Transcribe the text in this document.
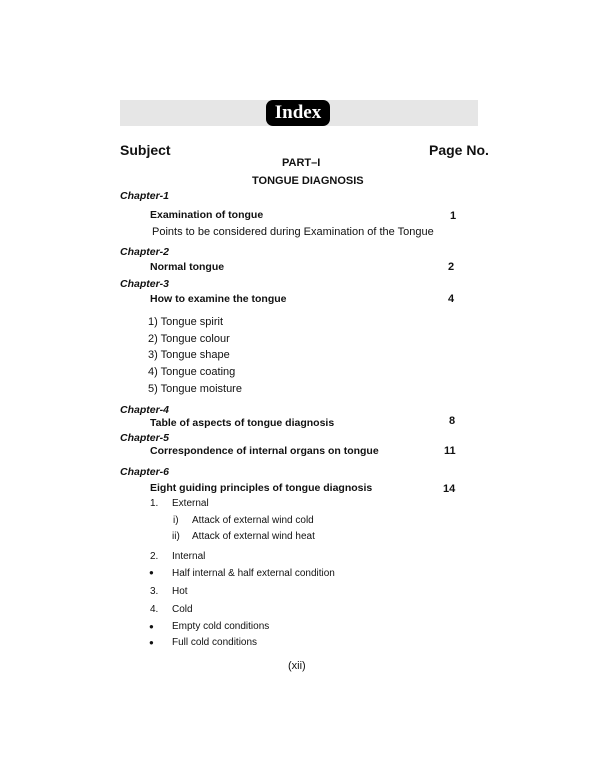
Index
Subject	Page No.
PART–I
TONGUE DIAGNOSIS
Chapter-1
Examination of tongue	1
Points to be considered during Examination of the Tongue
Chapter-2
Normal tongue	2
Chapter-3
How to examine the tongue	4
1) Tongue spirit
2) Tongue colour
3) Tongue shape
4) Tongue coating
5) Tongue moisture
Chapter-4
Table of aspects of tongue diagnosis	8
Chapter-5
Correspondence of internal organs on tongue	11
Chapter-6
Eight guiding principles of tongue diagnosis	14
1. External
i) Attack of external wind cold
ii) Attack of external wind heat
2. Internal
● Half internal & half external condition
3. Hot
4. Cold
● Empty cold conditions
● Full cold conditions
(xii)
